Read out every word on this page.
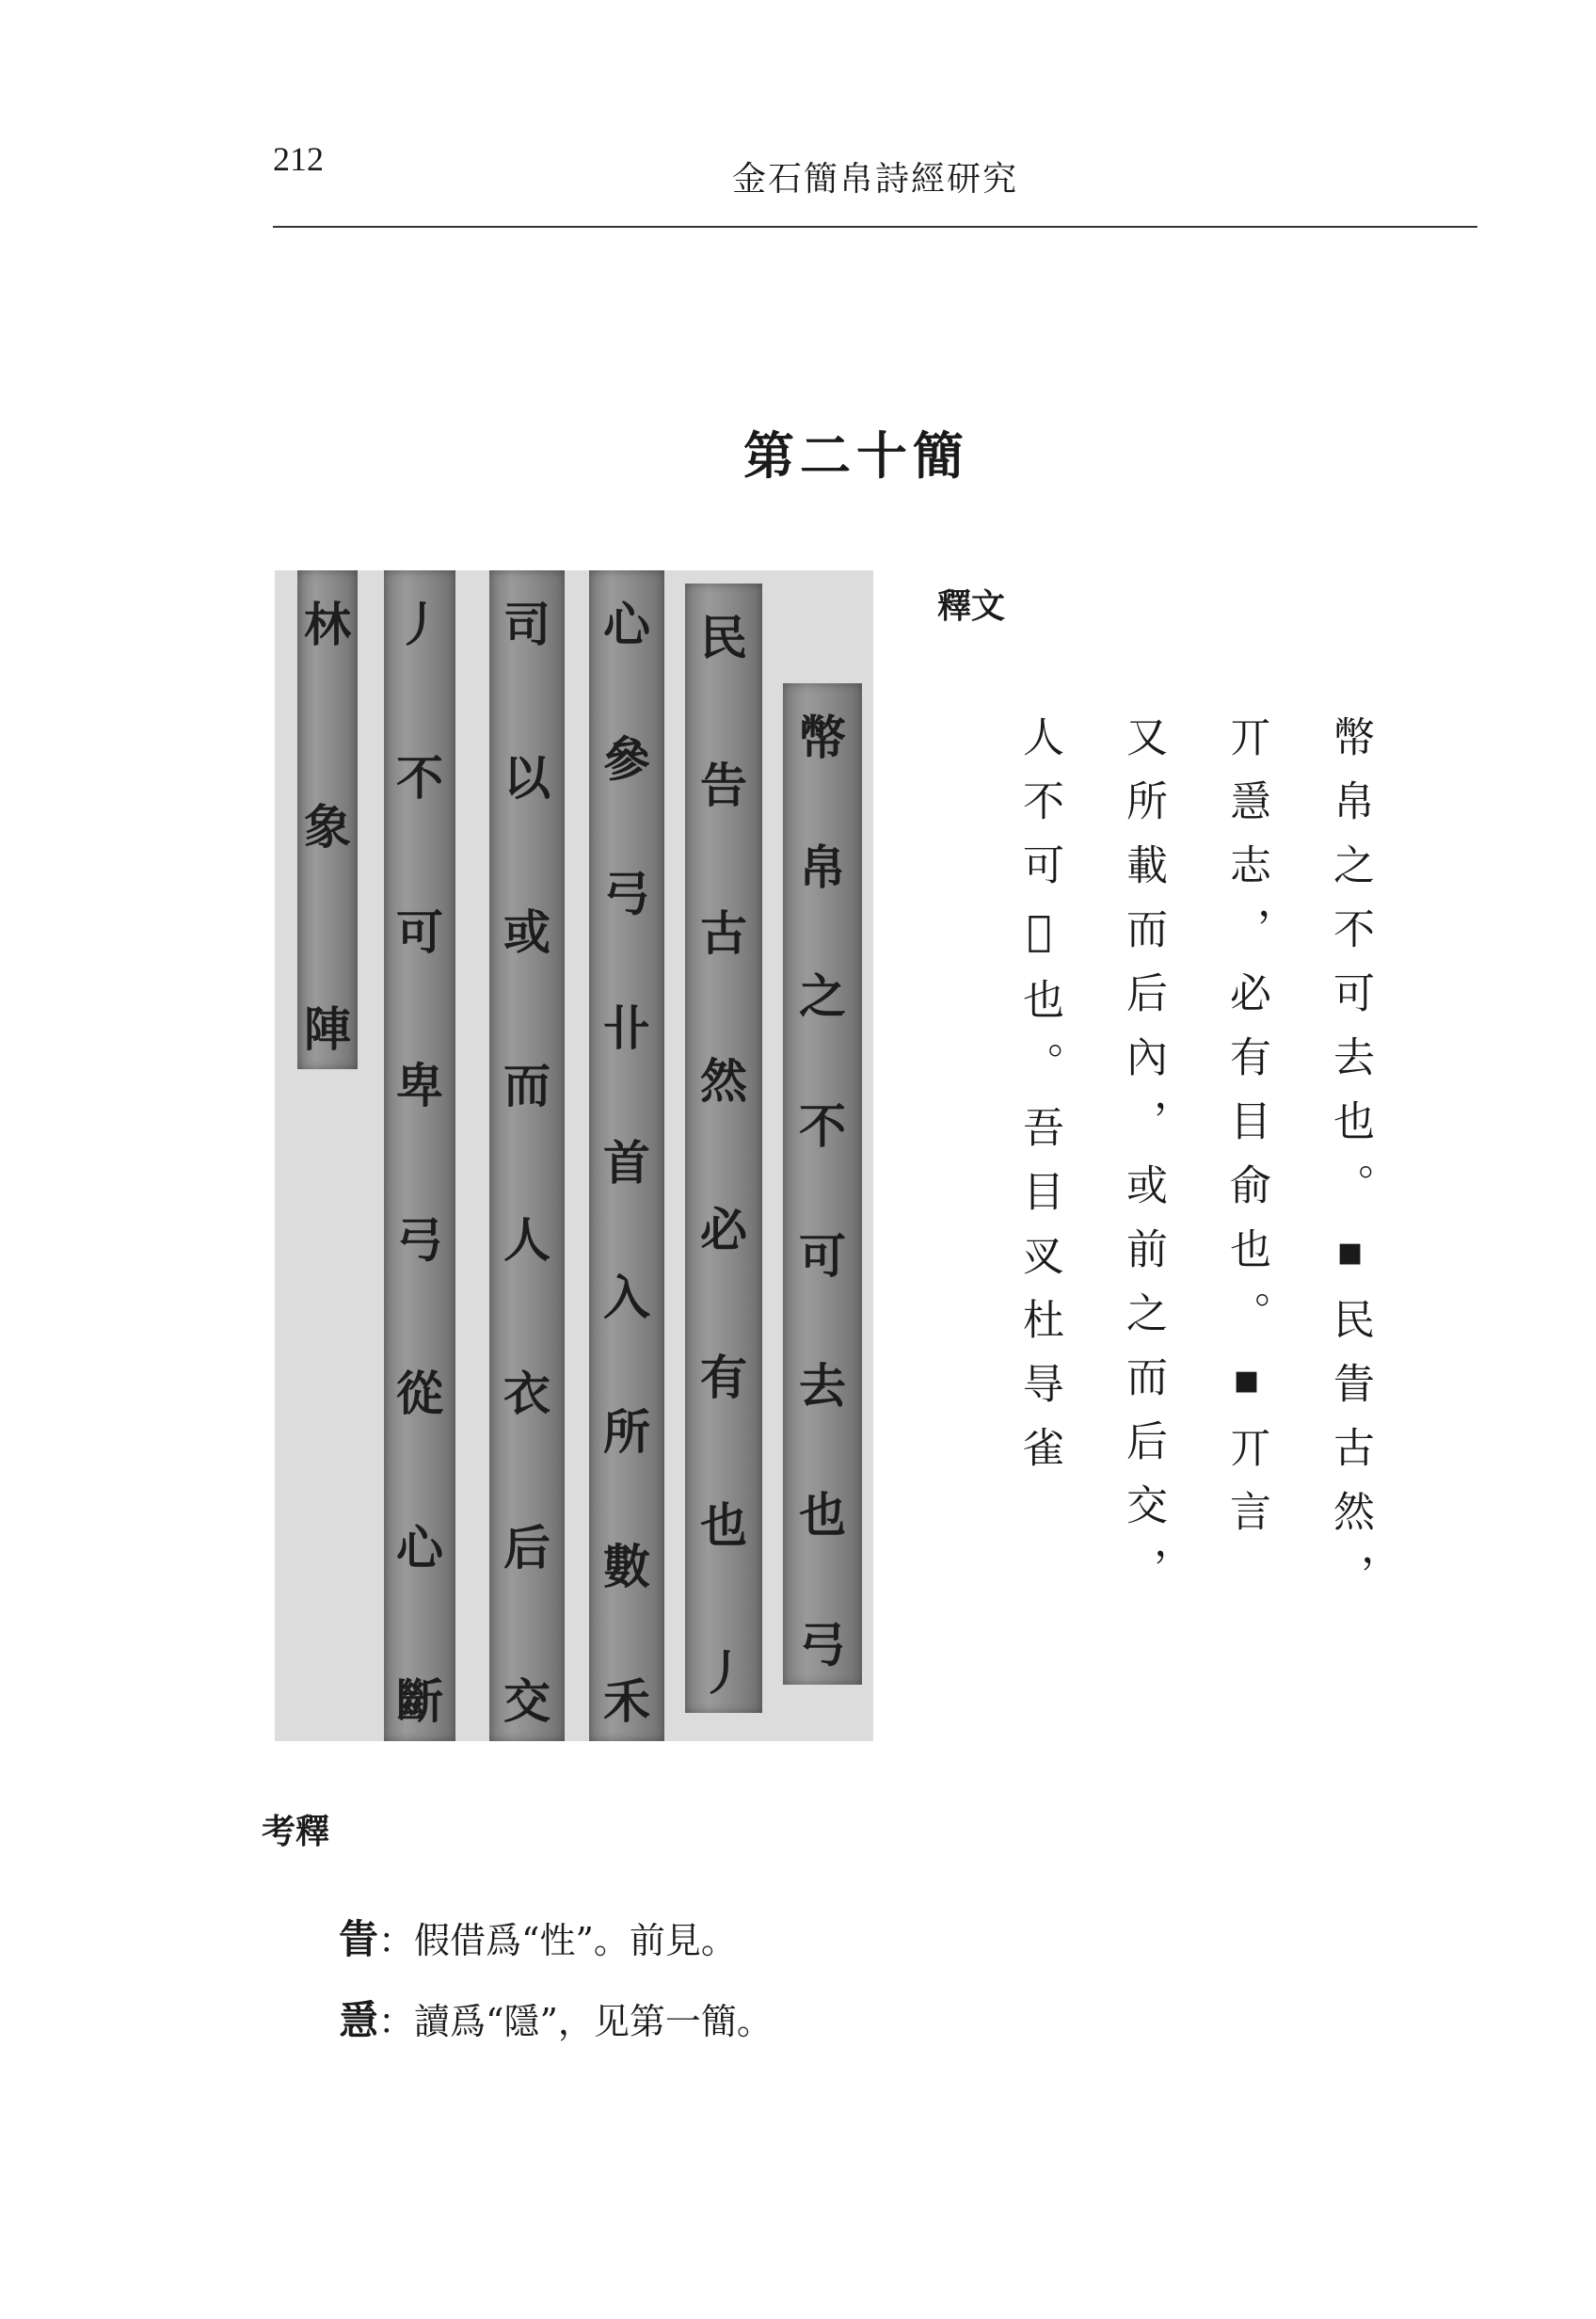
212
金石簡帛詩經研究
第二十簡
林
象
陣
丿
不
可
卑
弓
從
心
斷
司
以
或
而
人
衣
后
交
心
參
弓
卝
首
入
所
數
禾
民
告
古
然
必
有
也
丿
幣
帛
之
不
可
去
也
弓
釋文
幣帛之不可去也。▪民眚古然，
丌㥯志，必有目俞也。▪丌言
又所載而后內，或前之而后交，
人不可𢍀也。吾目㕚杜㝵雀
考釋
眚：假借爲“性”。前見。
㥯：讀爲“隱”，见第一簡。
